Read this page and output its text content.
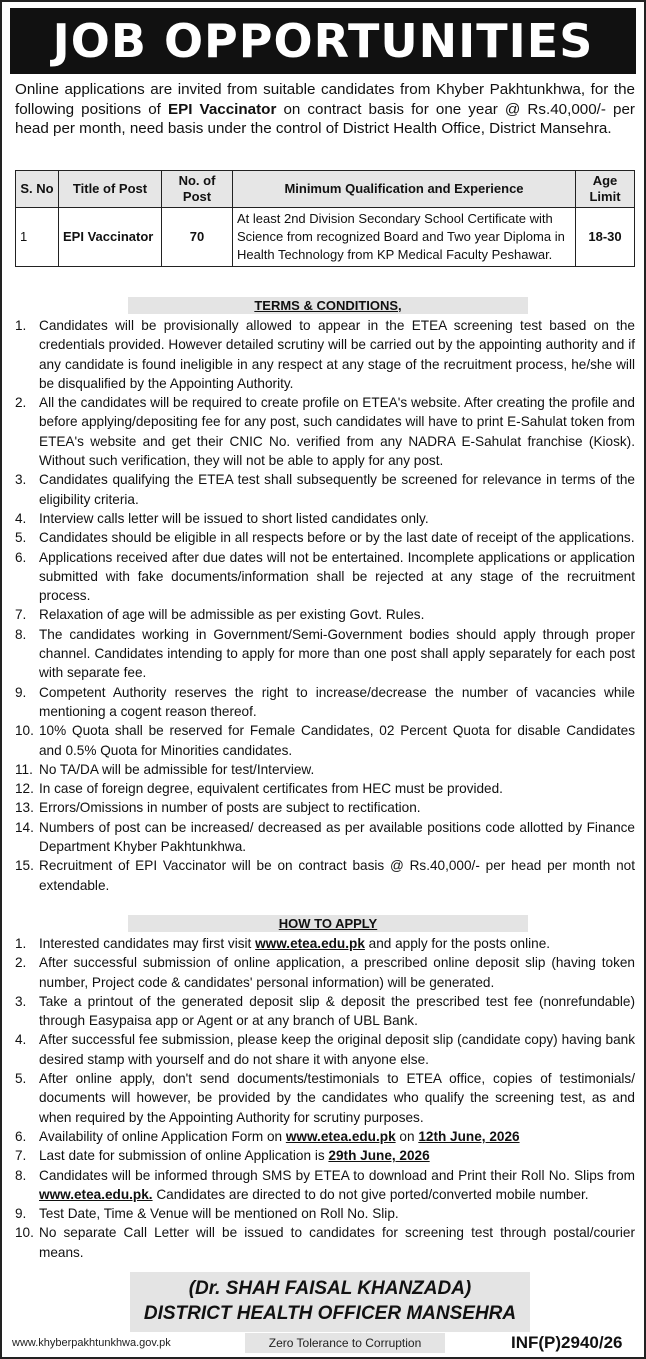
JOB OPPORTUNITIES
Online applications are invited from suitable candidates from Khyber Pakhtunkhwa, for the following positions of EPI Vaccinator on contract basis for one year @ Rs.40,000/- per head per month, need basis under the control of District Health Office, District Mansehra.
S. No	Title of Post	No. of Post	Minimum Qualification and Experience	Age Limit
1	EPI Vaccinator	70	At least 2nd Division Secondary School Certificate with Science from recognized Board and Two year Diploma in Health Technology from KP Medical Faculty Peshawar.	18-30
TERMS & CONDITIONS,
1. Candidates will be provisionally allowed to appear in the ETEA screening test based on the credentials provided. However detailed scrutiny will be carried out by the appointing authority and if any candidate is found ineligible in any respect at any stage of the recruitment process, he/she will be disqualified by the Appointing Authority.
2. All the candidates will be required to create profile on ETEA's website. After creating the profile and before applying/depositing fee for any post, such candidates will have to print E-Sahulat token from ETEA's website and get their CNIC No. verified from any NADRA E-Sahulat franchise (Kiosk). Without such verification, they will not be able to apply for any post.
3. Candidates qualifying the ETEA test shall subsequently be screened for relevance in terms of the eligibility criteria.
4. Interview calls letter will be issued to short listed candidates only.
5. Candidates should be eligible in all respects before or by the last date of receipt of the applications.
6. Applications received after due dates will not be entertained. Incomplete applications or application submitted with fake documents/information shall be rejected at any stage of the recruitment process.
7. Relaxation of age will be admissible as per existing Govt. Rules.
8. The candidates working in Government/Semi-Government bodies should apply through proper channel. Candidates intending to apply for more than one post shall apply separately for each post with separate fee.
9. Competent Authority reserves the right to increase/decrease the number of vacancies while mentioning a cogent reason thereof.
10. 10% Quota shall be reserved for Female Candidates, 02 Percent Quota for disable Candidates and 0.5% Quota for Minorities candidates.
11. No TA/DA will be admissible for test/Interview.
12. In case of foreign degree, equivalent certificates from HEC must be provided.
13. Errors/Omissions in number of posts are subject to rectification.
14. Numbers of post can be increased/ decreased as per available positions code allotted by Finance Department Khyber Pakhtunkhwa.
15. Recruitment of EPI Vaccinator will be on contract basis @ Rs.40,000/- per head per month not extendable.
HOW TO APPLY
1. Interested candidates may first visit www.etea.edu.pk and apply for the posts online.
2. After successful submission of online application, a prescribed online deposit slip (having token number, Project code & candidates' personal information) will be generated.
3. Take a printout of the generated deposit slip & deposit the prescribed test fee (nonrefundable) through Easypaisa app or Agent or at any branch of UBL Bank.
4. After successful fee submission, please keep the original deposit slip (candidate copy) having bank desired stamp with yourself and do not share it with anyone else.
5. After online apply, don't send documents/testimonials to ETEA office, copies of testimonials/ documents will however, be provided by the candidates who qualify the screening test, as and when required by the Appointing Authority for scrutiny purposes.
6. Availability of online Application Form on www.etea.edu.pk on 12th June, 2026
7. Last date for submission of online Application is 29th June, 2026
8. Candidates will be informed through SMS by ETEA to download and Print their Roll No. Slips from www.etea.edu.pk. Candidates are directed to do not give ported/converted mobile number.
9. Test Date, Time & Venue will be mentioned on Roll No. Slip.
10. No separate Call Letter will be issued to candidates for screening test through postal/courier means.
(Dr. SHAH FAISAL KHANZADA)
DISTRICT HEALTH OFFICER MANSEHRA
www.khyberpakhtunkhwa.gov.pk	Zero Tolerance to Corruption	INF(P)2940/26
